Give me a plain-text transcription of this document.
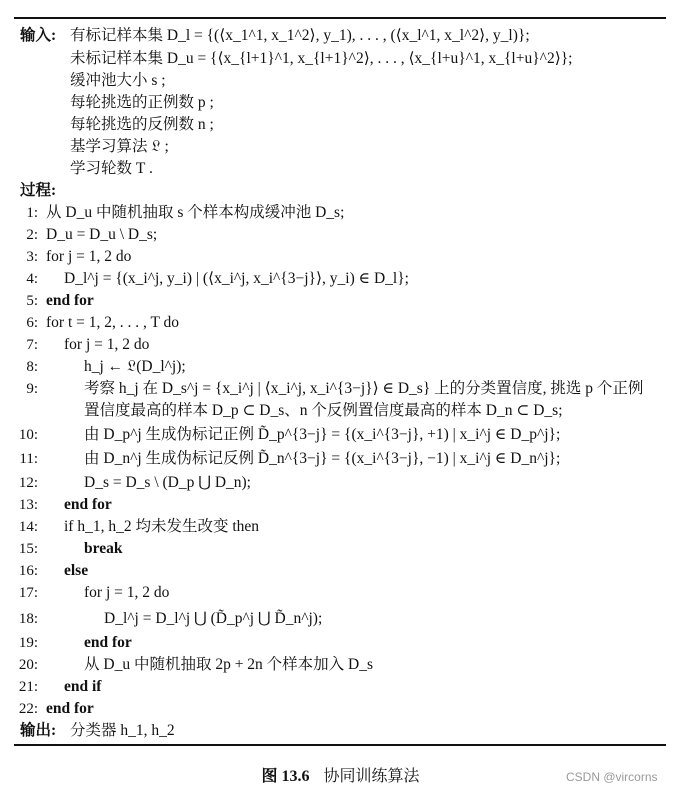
输入: 有标记样本集 D_l = {(⟨x_1^1, x_1^2⟩, y_1), . . . , (⟨x_l^1, x_l^2⟩, y_l)};
未标记样本集 D_u = {⟨x_{l+1}^1, x_{l+1}^2⟩, . . . , ⟨x_{l+u}^1, x_{l+u}^2⟩};
缓冲池大小 s ;
每轮挑选的正例数 p ;
每轮挑选的反例数 n ;
基学习算法 𝔏 ;
学习轮数 T .
过程:
1: 从 D_u 中随机抽取 s 个样本构成缓冲池 D_s;
2: D_u = D_u \ D_s;
3: for j = 1, 2 do
4: D_l^j = {(x_i^j, y_i) | (⟨x_i^j, x_i^{3−j}⟩, y_i) ∈ D_l};
5: end for
6: for t = 1, 2, . . . , T do
7: for j = 1, 2 do
8:	h_j ← 𝔏(D_l^j);
9:	考察 h_j 在 D_s^j = {x_i^j | ⟨x_i^j, x_i^{3−j}⟩ ∈ D_s} 上的分类置信度, 挑选 p 个正例
置信度最高的样本 D_p ⊂ D_s、n 个反例置信度最高的样本 D_n ⊂ D_s;
10:	由 D_p^j 生成伪标记正例 D̃_p^{3−j} = {(x_i^{3−j}, +1) | x_i^j ∈ D_p^j};
11:	由 D_n^j 生成伪标记反例 D̃_n^{3−j} = {(x_i^{3−j}, −1) | x_i^j ∈ D_n^j};
12:	D_s = D_s \ (D_p ⋃ D_n);
13: end for
14: if h_1, h_2 均未发生改变 then
15:	break
16: else
17:	for j = 1, 2 do
18:	D_l^j = D_l^j ⋃ (D̃_p^j ⋃ D̃_n^j);
19:	end for
20:	从 D_u 中随机抽取 2p + 2n 个样本加入 D_s
21: end if
22: end for
输出: 分类器 h_1, h_2
图 13.6 协同训练算法	CSDN @vircorns
